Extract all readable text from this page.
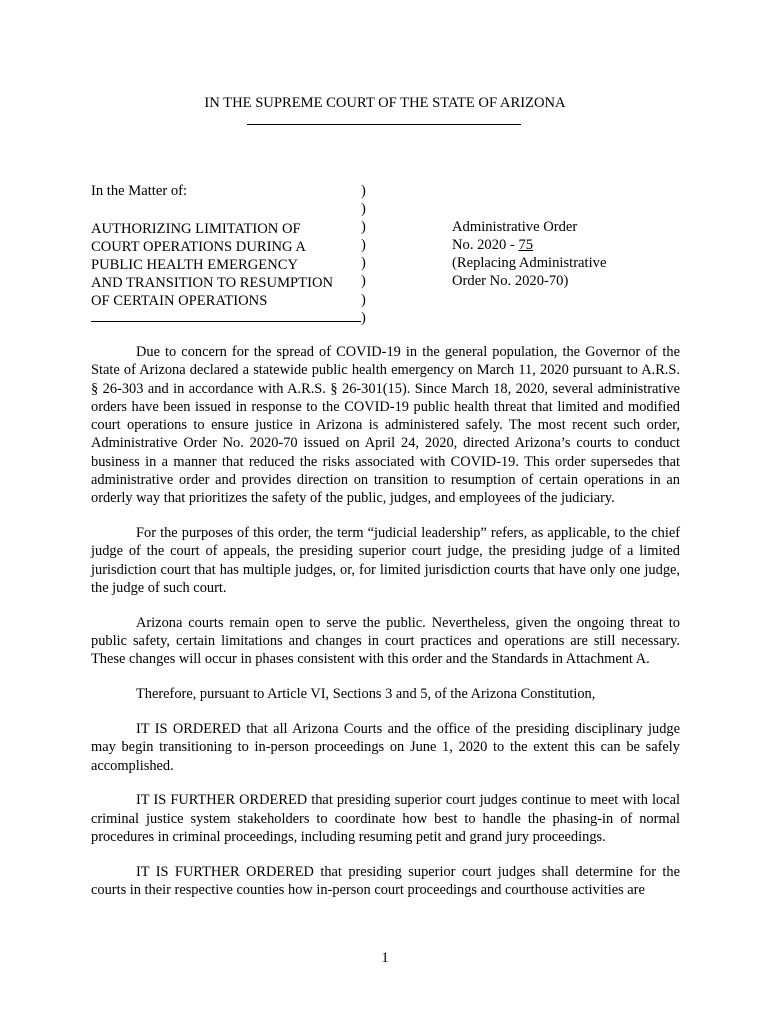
IN THE SUPREME COURT OF THE STATE OF ARIZONA
In the Matter of:
AUTHORIZING LIMITATION OF
COURT OPERATIONS DURING A
PUBLIC HEALTH EMERGENCY
AND TRANSITION TO RESUMPTION
OF CERTAIN OPERATIONS
)
)
)
)
)
)
)
)
Administrative Order
No. 2020 - 75
(Replacing Administrative
Order No. 2020-70)

Due to concern for the spread of COVID-19 in the general population, the Governor of the State of Arizona declared a statewide public health emergency on March 11, 2020 pursuant to A.R.S. § 26-303 and in accordance with A.R.S. § 26-301(15). Since March 18, 2020, several administrative orders have been issued in response to the COVID-19 public health threat that limited and modified court operations to ensure justice in Arizona is administered safely. The most recent such order, Administrative Order No. 2020-70 issued on April 24, 2020, directed Arizona’s courts to conduct business in a manner that reduced the risks associated with COVID-19. This order supersedes that administrative order and provides direction on transition to resumption of certain operations in an orderly way that prioritizes the safety of the public, judges, and employees of the judiciary.

For the purposes of this order, the term “judicial leadership” refers, as applicable, to the chief judge of the court of appeals, the presiding superior court judge, the presiding judge of a limited jurisdiction court that has multiple judges, or, for limited jurisdiction courts that have only one judge, the judge of such court.

Arizona courts remain open to serve the public. Nevertheless, given the ongoing threat to public safety, certain limitations and changes in court practices and operations are still necessary. These changes will occur in phases consistent with this order and the Standards in Attachment A.

Therefore, pursuant to Article VI, Sections 3 and 5, of the Arizona Constitution,

IT IS ORDERED that all Arizona Courts and the office of the presiding disciplinary judge may begin transitioning to in-person proceedings on June 1, 2020 to the extent this can be safely accomplished.

IT IS FURTHER ORDERED that presiding superior court judges continue to meet with local criminal justice system stakeholders to coordinate how best to handle the phasing-in of normal procedures in criminal proceedings, including resuming petit and grand jury proceedings.

IT IS FURTHER ORDERED that presiding superior court judges shall determine for the courts in their respective counties how in-person court proceedings and courthouse activities are

1
